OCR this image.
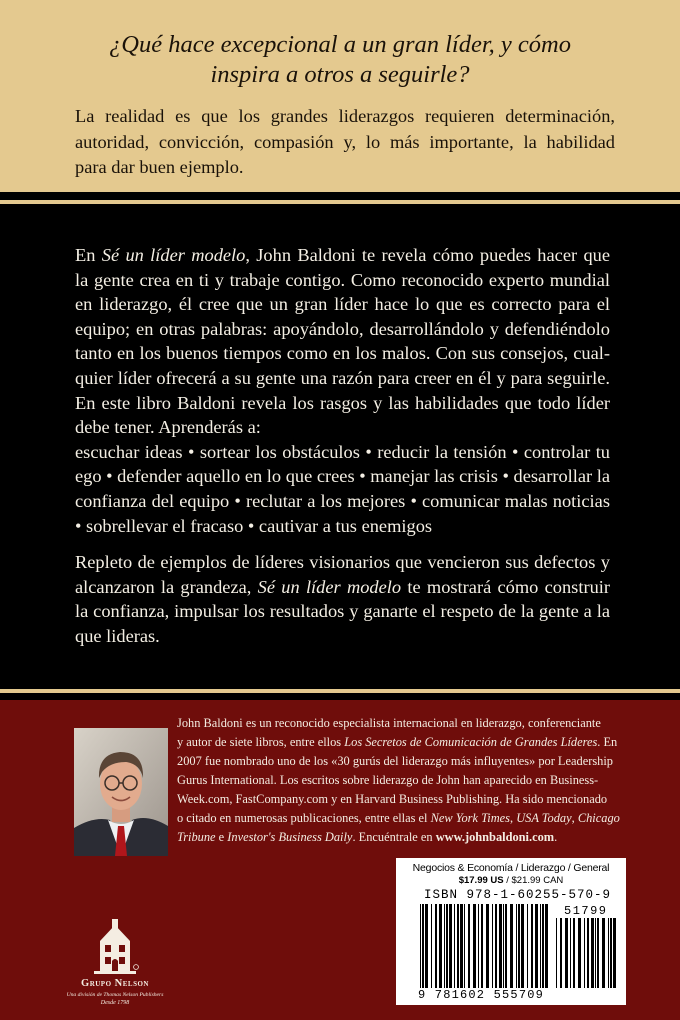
¿Qué hace excepcional a un gran líder, y cómo
inspira a otros a seguirle?
La realidad es que los grandes liderazgos requieren determinación,
autoridad, convicción, compasión y, lo más importante, la habilidad
para dar buen ejemplo.
En Sé un líder modelo, John Baldoni te revela cómo puedes hacer que
la gente crea en ti y trabaje contigo. Como reconocido experto mundial
en liderazgo, él cree que un gran líder hace lo que es correcto para el
equipo; en otras palabras: apoyándolo, desarrollándolo y defendiéndolo
tanto en los buenos tiempos como en los malos. Con sus consejos, cual-
quier líder ofrecerá a su gente una razón para creer en él y para seguirle.
En este libro Baldoni revela los rasgos y las habilidades que todo líder
debe tener. Aprenderás a:
escuchar ideas • sortear los obstáculos • reducir la tensión • controlar tu
ego • defender aquello en lo que crees • manejar las crisis • desarrollar la
confianza del equipo • reclutar a los mejores • comunicar malas noticias
• sobrellevar el fracaso • cautivar a tus enemigos
Repleto de ejemplos de líderes visionarios que vencieron sus defectos y
alcanzaron la grandeza, Sé un líder modelo te mostrará cómo construir
la confianza, impulsar los resultados y ganarte el respeto de la gente a la
que lideras.
John Baldoni es un reconocido especialista internacional en liderazgo, conferenciante
y autor de siete libros, entre ellos Los Secretos de Comunicación de Grandes Líderes. En
2007 fue nombrado uno de los «30 gurús del liderazgo más influyentes» por Leadership
Gurus International. Los escritos sobre liderazgo de John han aparecido en Business-
Week.com, FastCompany.com y en Harvard Business Publishing. Ha sido mencionado
o citado en numerosas publicaciones, entre ellas el New York Times, USA Today, Chicago
Tribune e Investor's Business Daily. Encuéntrale en www.johnbaldoni.com.
Grupo Nelson
Una división de Thomas Nelson Publishers
Desde 1798
Negocios & Economía / Liderazgo / General
$17.99 US / $21.99 CAN
ISBN 978-1-60255-570-9
51799
9 781602 555709
